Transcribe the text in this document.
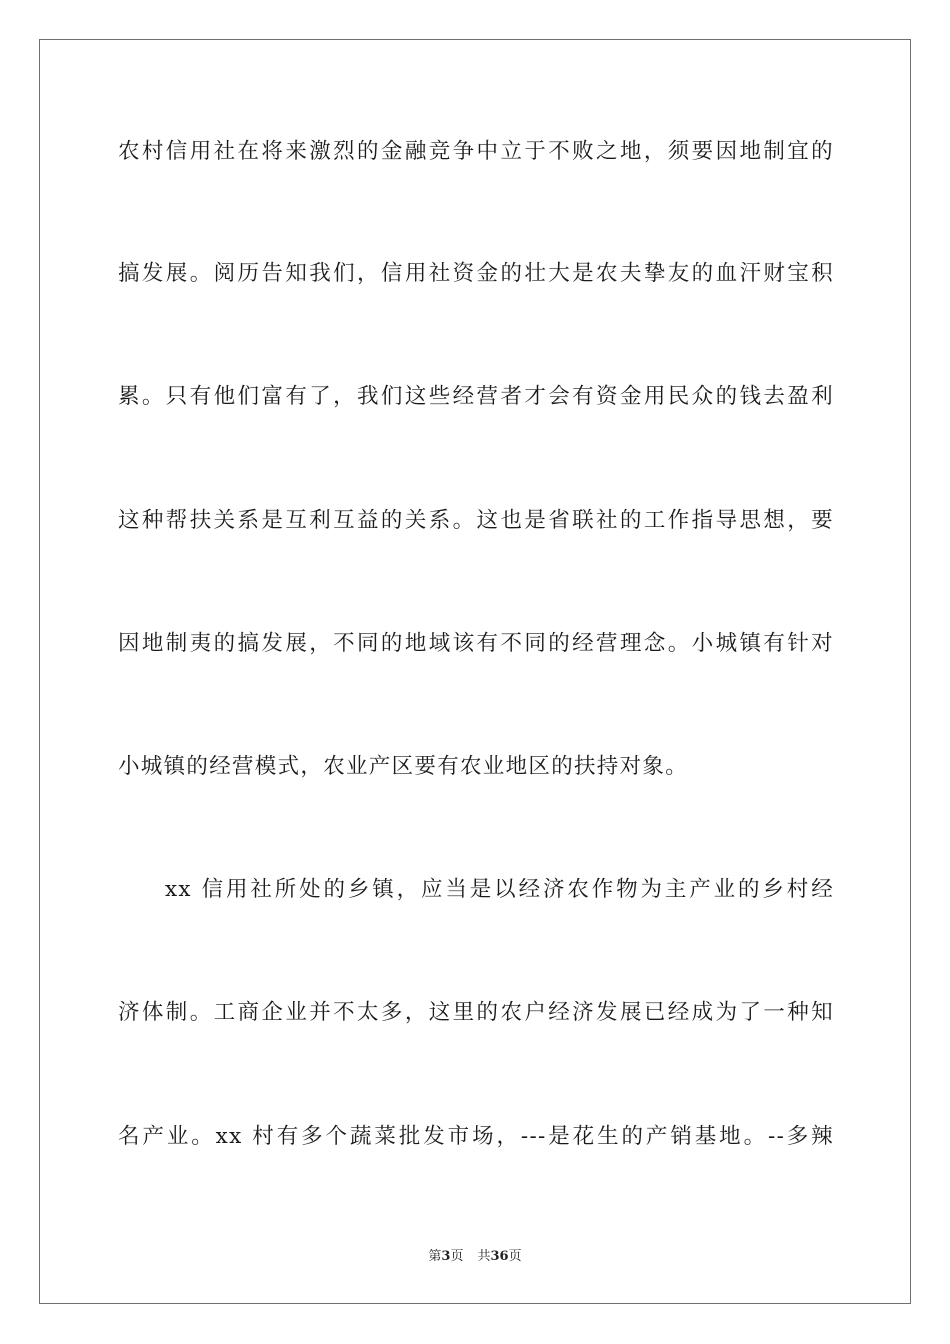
农村信用社在将来激烈的金融竞争中立于不败之地，须要因地制宜的
搞发展。阅历告知我们，信用社资金的壮大是农夫挚友的血汗财宝积
累。只有他们富有了，我们这些经营者才会有资金用民众的钱去盈利
这种帮扶关系是互利互益的关系。这也是省联社的工作指导思想，要
因地制夷的搞发展，不同的地域该有不同的经营理念。小城镇有针对
小城镇的经营模式，农业产区要有农业地区的扶持对象。
xx 信用社所处的乡镇，应当是以经济农作物为主产业的乡村经
济体制。工商企业并不太多，这里的农户经济发展已经成为了一种知
名产业。xx 村有多个蔬菜批发市场，---是花生的产销基地。--多辣
第3页 共36页
